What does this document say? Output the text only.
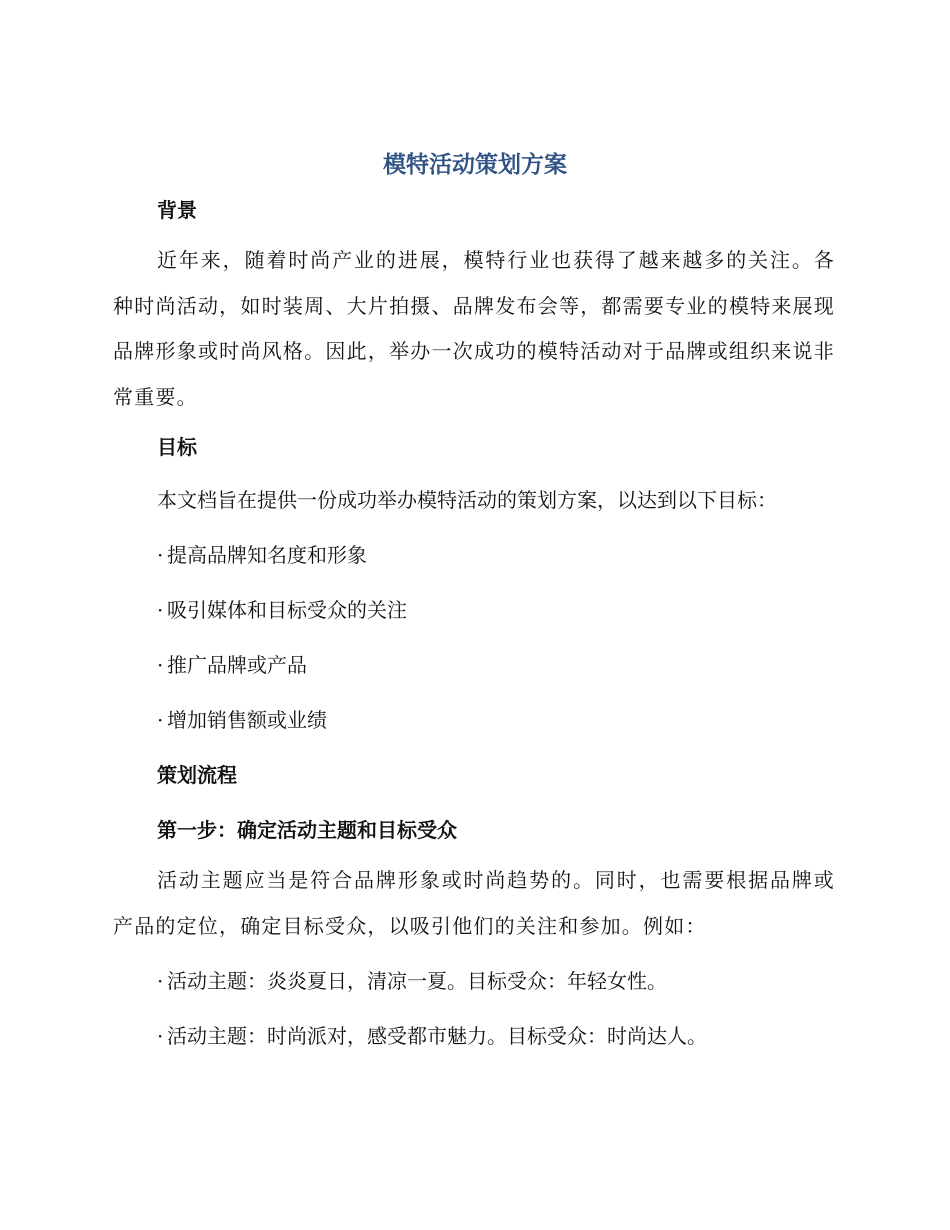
模特活动策划方案
背景

近年来，随着时尚产业的进展，模特行业也获得了越来越多的关注。各种时尚活动，如时装周、大片拍摄、品牌发布会等，都需要专业的模特来展现品牌形象或时尚风格。因此，举办一次成功的模特活动对于品牌或组织来说非常重要。

目标

本文档旨在提供一份成功举办模特活动的策划方案，以达到以下目标：

· 提高品牌知名度和形象

· 吸引媒体和目标受众的关注

· 推广品牌或产品

· 增加销售额或业绩

策划流程
第一步：确定活动主题和目标受众

活动主题应当是符合品牌形象或时尚趋势的。同时，也需要根据品牌或产品的定位，确定目标受众，以吸引他们的关注和参加。例如：

· 活动主题：炎炎夏日，清凉一夏。目标受众：年轻女性。

· 活动主题：时尚派对，感受都市魅力。目标受众：时尚达人。
